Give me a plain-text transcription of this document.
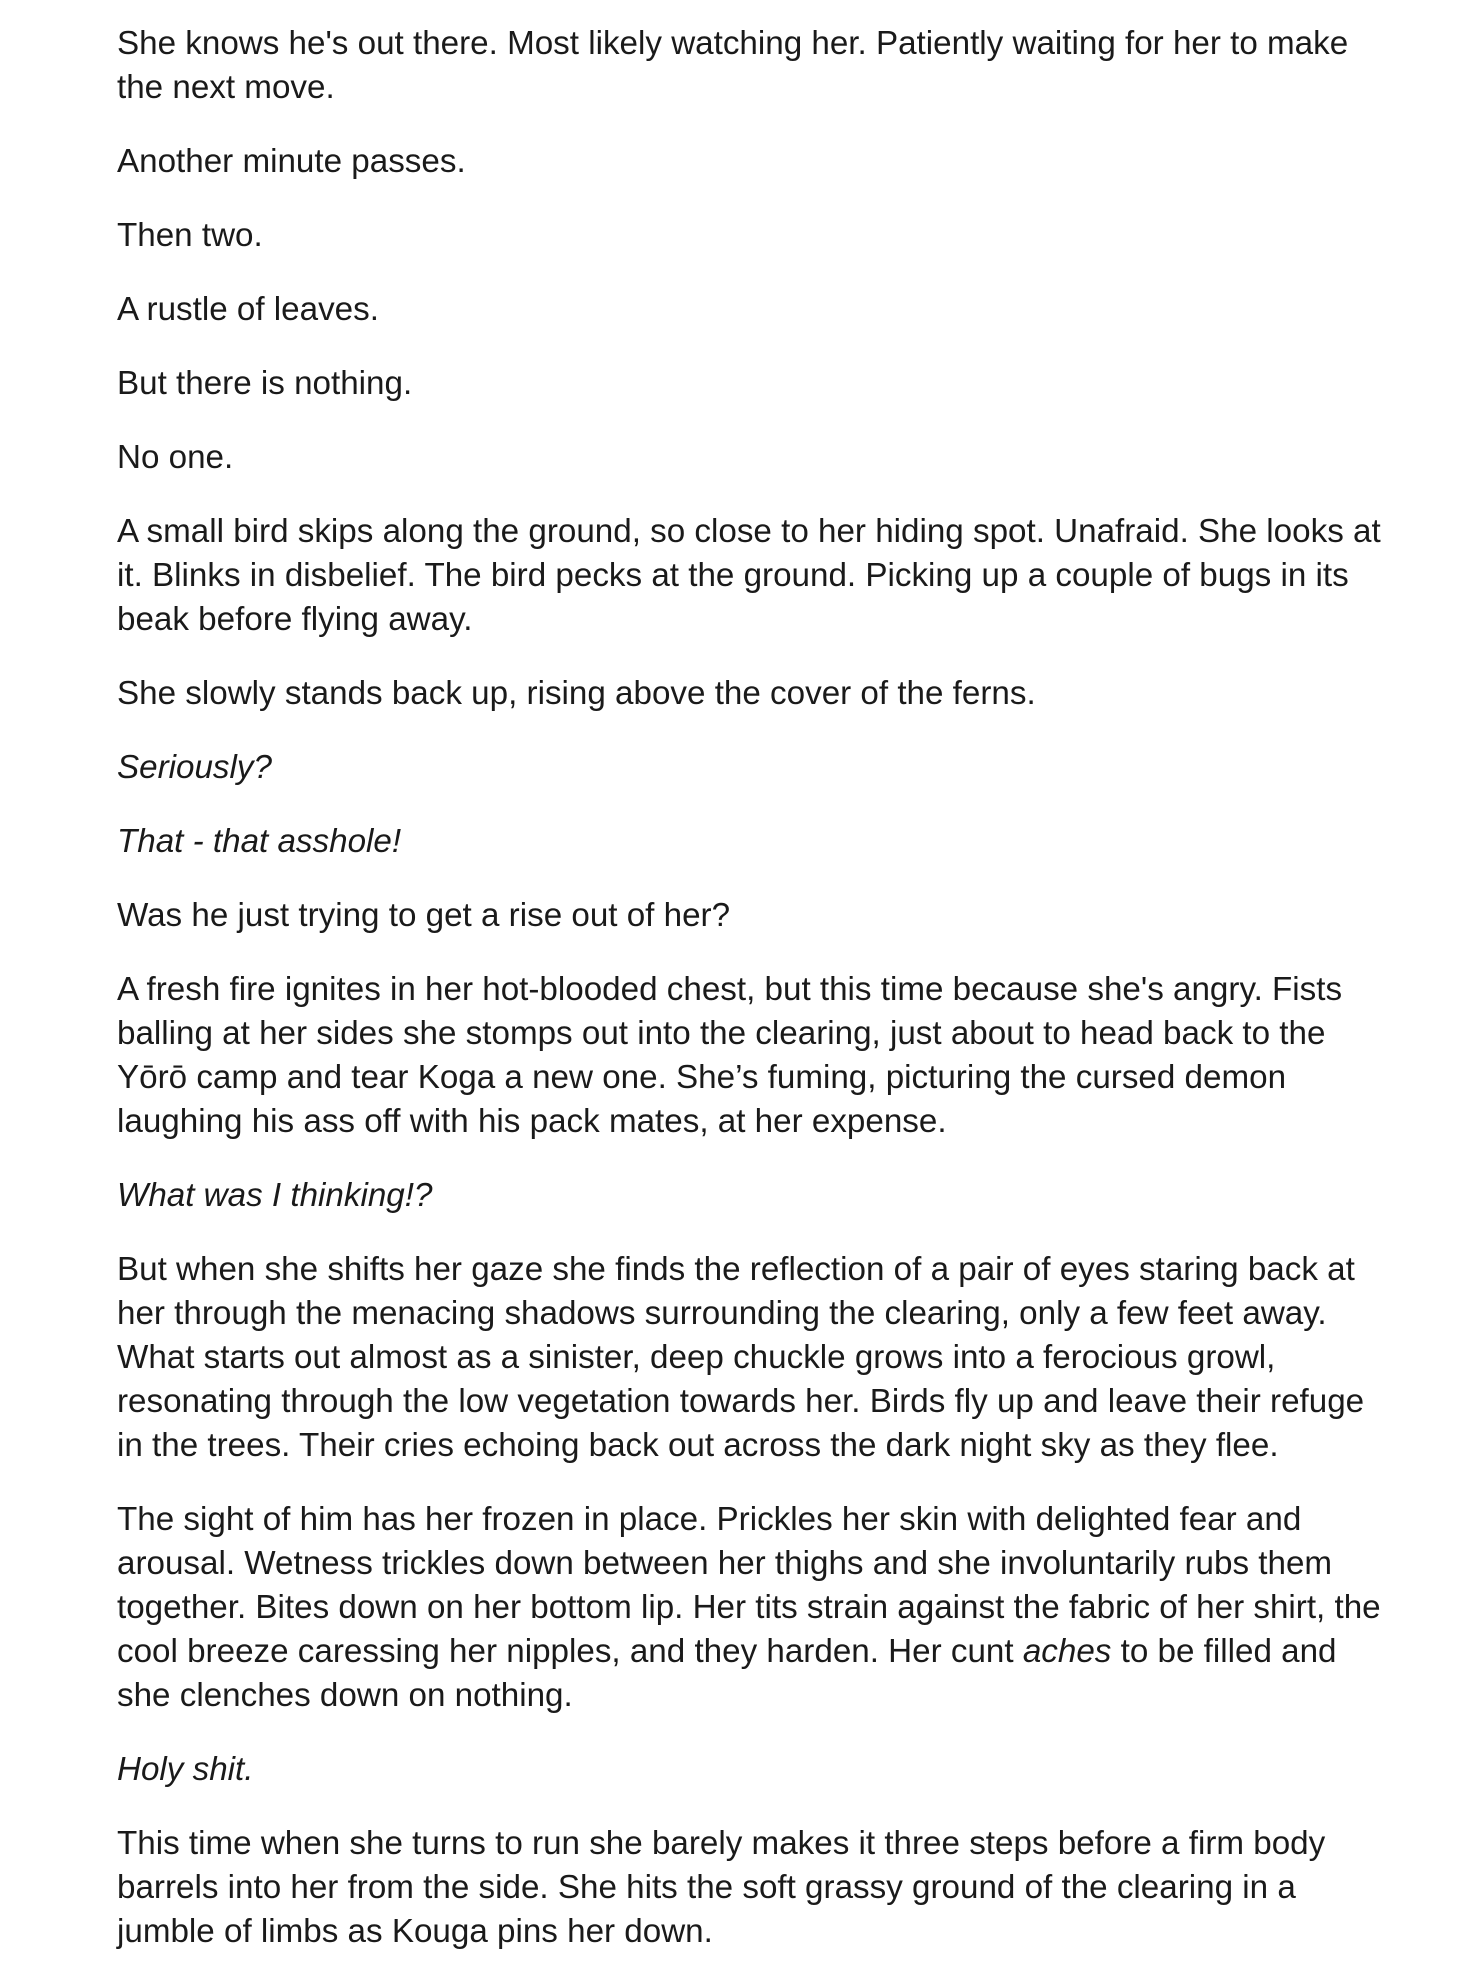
She knows he's out there. Most likely watching her. Patiently waiting for her to make the next move.

Another minute passes.

Then two.

A rustle of leaves.

But there is nothing.

No one.

A small bird skips along the ground, so close to her hiding spot. Unafraid. She looks at it. Blinks in disbelief. The bird pecks at the ground. Picking up a couple of bugs in its beak before flying away.

She slowly stands back up, rising above the cover of the ferns.

Seriously?

That - that asshole!

Was he just trying to get a rise out of her?

A fresh fire ignites in her hot-blooded chest, but this time because she's angry. Fists balling at her sides she stomps out into the clearing, just about to head back to the Yōrō camp and tear Koga a new one. She’s fuming, picturing the cursed demon laughing his ass off with his pack mates, at her expense.

What was I thinking!?

But when she shifts her gaze she finds the reflection of a pair of eyes staring back at her through the menacing shadows surrounding the clearing, only a few feet away. What starts out almost as a sinister, deep chuckle grows into a ferocious growl, resonating through the low vegetation towards her. Birds fly up and leave their refuge in the trees. Their cries echoing back out across the dark night sky as they flee.

The sight of him has her frozen in place. Prickles her skin with delighted fear and arousal. Wetness trickles down between her thighs and she involuntarily rubs them together. Bites down on her bottom lip. Her tits strain against the fabric of her shirt, the cool breeze caressing her nipples, and they harden. Her cunt aches to be filled and she clenches down on nothing.

Holy shit.

This time when she turns to run she barely makes it three steps before a firm body barrels into her from the side. She hits the soft grassy ground of the clearing in a jumble of limbs as Kouga pins her down.
